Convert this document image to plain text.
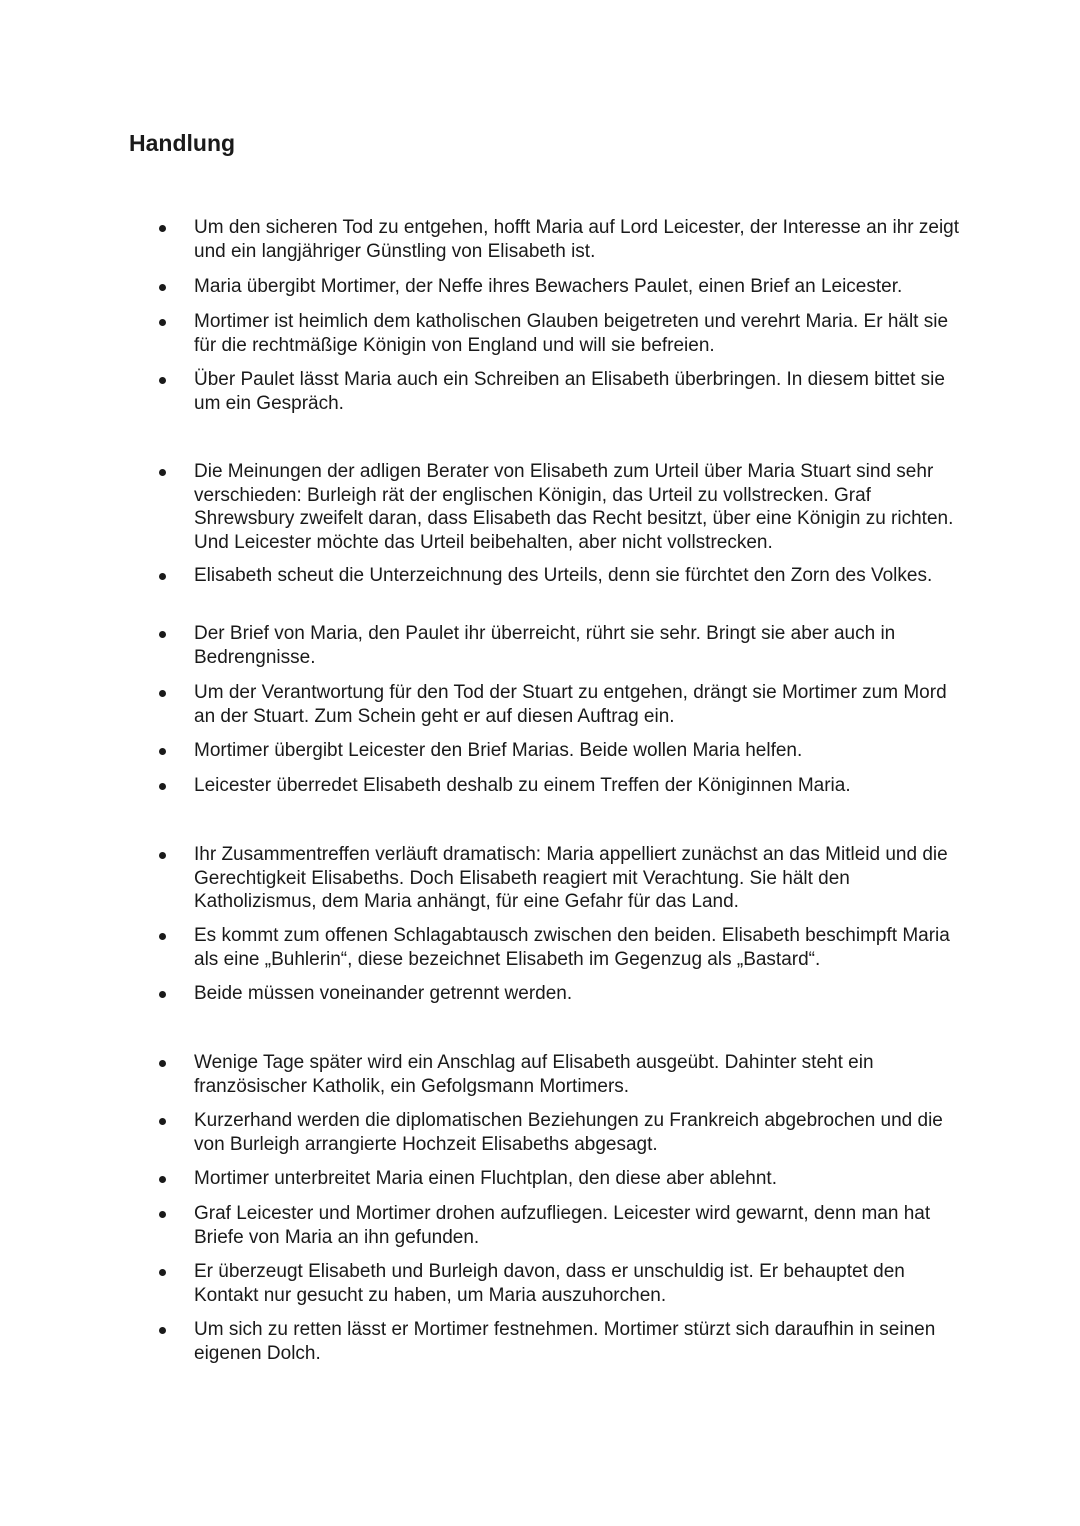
Handlung
Um den sicheren Tod zu entgehen, hofft Maria auf Lord Leicester, der Interesse an ihr zeigt und ein langjähriger Günstling von Elisabeth ist.
Maria übergibt Mortimer, der Neffe ihres Bewachers Paulet, einen Brief an Leicester.
Mortimer ist heimlich dem katholischen Glauben beigetreten und verehrt Maria. Er hält sie für die rechtmäßige Königin von England und will sie befreien.
Über Paulet lässt Maria auch ein Schreiben an Elisabeth überbringen. In diesem bittet sie um ein Gespräch.
Die Meinungen der adligen Berater von Elisabeth zum Urteil über Maria Stuart sind sehr verschieden: Burleigh rät der englischen Königin, das Urteil zu vollstrecken. Graf Shrewsbury zweifelt daran, dass Elisabeth das Recht besitzt, über eine Königin zu richten. Und Leicester möchte das Urteil beibehalten, aber nicht vollstrecken.
Elisabeth scheut die Unterzeichnung des Urteils, denn sie fürchtet den Zorn des Volkes.
Der Brief von Maria, den Paulet ihr überreicht, rührt sie sehr. Bringt sie aber auch in Bedrengnisse.
Um der Verantwortung für den Tod der Stuart zu entgehen, drängt sie Mortimer zum Mord an der Stuart. Zum Schein geht er auf diesen Auftrag ein.
Mortimer übergibt Leicester den Brief Marias. Beide wollen Maria helfen.
Leicester überredet Elisabeth deshalb zu einem Treffen der Königinnen Maria.
Ihr Zusammentreffen verläuft dramatisch: Maria appelliert zunächst an das Mitleid und die Gerechtigkeit Elisabeths. Doch Elisabeth reagiert mit Verachtung. Sie hält den Katholizismus, dem Maria anhängt, für eine Gefahr für das Land.
Es kommt zum offenen Schlagabtausch zwischen den beiden. Elisabeth beschimpft Maria als eine „Buhlerin“, diese bezeichnet Elisabeth im Gegenzug als „Bastard“.
Beide müssen voneinander getrennt werden.
Wenige Tage später wird ein Anschlag auf Elisabeth ausgeübt. Dahinter steht ein französischer Katholik, ein Gefolgsmann Mortimers.
Kurzerhand werden die diplomatischen Beziehungen zu Frankreich abgebrochen und die von Burleigh arrangierte Hochzeit Elisabeths abgesagt.
Mortimer unterbreitet Maria einen Fluchtplan, den diese aber ablehnt.
Graf Leicester und Mortimer drohen aufzufliegen. Leicester wird gewarnt, denn man hat Briefe von Maria an ihn gefunden.
Er überzeugt Elisabeth und Burleigh davon, dass er unschuldig ist. Er behauptet den Kontakt nur gesucht zu haben, um Maria auszuhorchen.
Um sich zu retten lässt er Mortimer festnehmen. Mortimer stürzt sich daraufhin in seinen eigenen Dolch.
